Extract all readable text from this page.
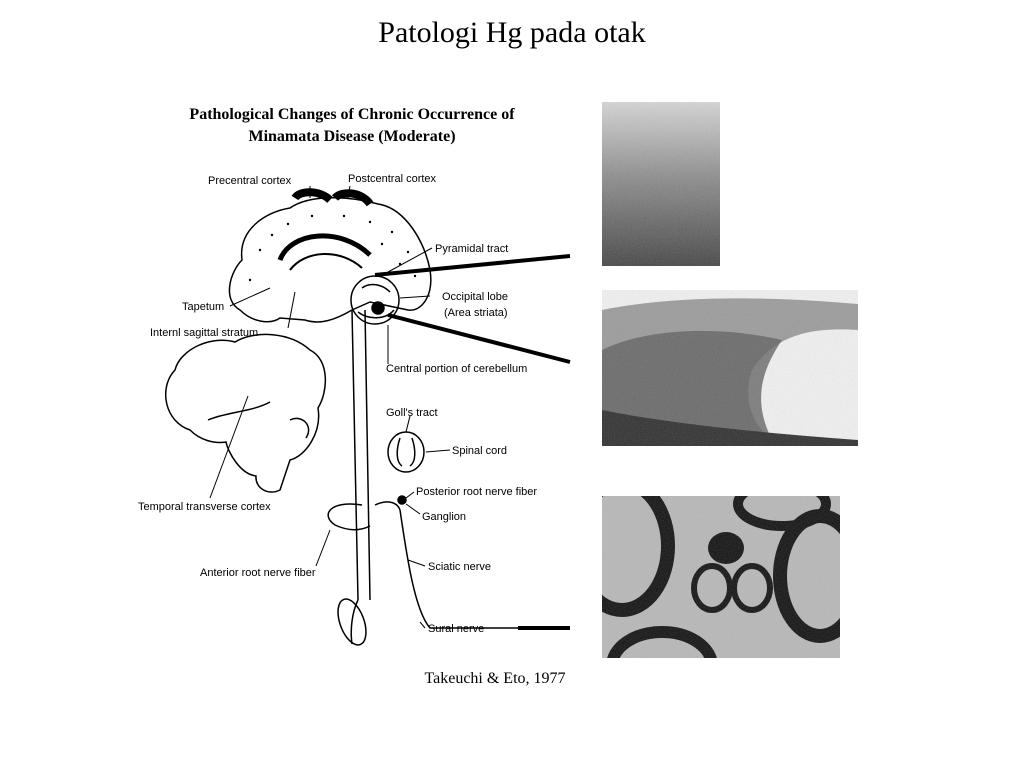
Patologi Hg pada otak
Pathological Changes of Chronic Occurrence of
Minamata Disease (Moderate)
Precentral cortex	Postcentral cortex
Pyramidal tract
Tapetum
Occipital lobe
(Area striata)
Internl sagittal stratum
Central portion of cerebellum
Goll's tract
Spinal cord
Posterior root nerve fiber
Temporal transverse cortex
Ganglion
Anterior root nerve fiber	Sciatic nerve
Sural nerve
Takeuchi & Eto, 1977
